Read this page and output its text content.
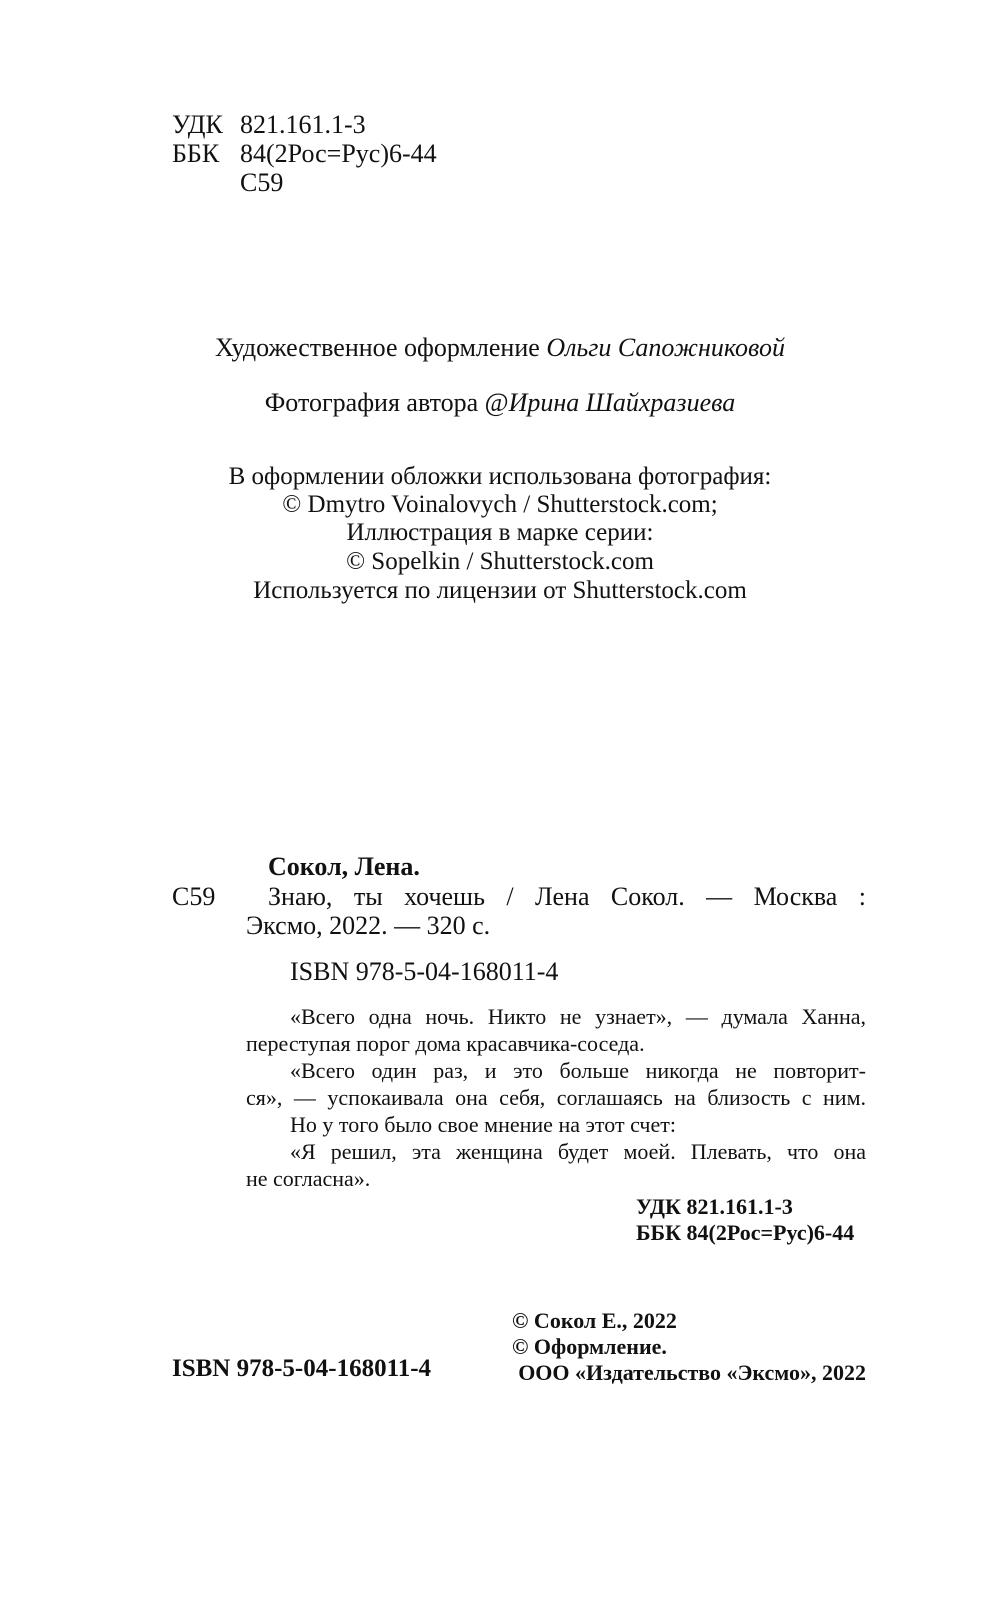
УДК 821.161.1-3
ББК 84(2Рос=Рус)6-44
С59
Художественное оформление Ольги Сапожниковой
Фотография автора @Ирина Шайхразиева
В оформлении обложки использована фотография:
© Dmytro Voinalovych / Shutterstock.com;
Иллюстрация в марке серии:
© Sopelkin / Shutterstock.com
Используется по лицензии от Shutterstock.com
Сокол, Лена.
С59 Знаю, ты хочешь / Лена Сокол. — Москва :
Эксмо, 2022. — 320 с.
ISBN 978-5-04-168011-4
«Всего одна ночь. Никто не узнает», — думала Ханна,
переступая порог дома красавчика-соседа.
«Всего один раз, и это больше никогда не повторит-
ся», — успокаивала она себя, соглашаясь на близость с ним.
Но у того было свое мнение на этот счет:
«Я решил, эта женщина будет моей. Плевать, что она
не согласна».
УДК 821.161.1-3
ББК 84(2Рос=Рус)6-44
© Сокол Е., 2022
© Оформление.
ООО «Издательство «Эксмо», 2022
ISBN 978-5-04-168011-4
